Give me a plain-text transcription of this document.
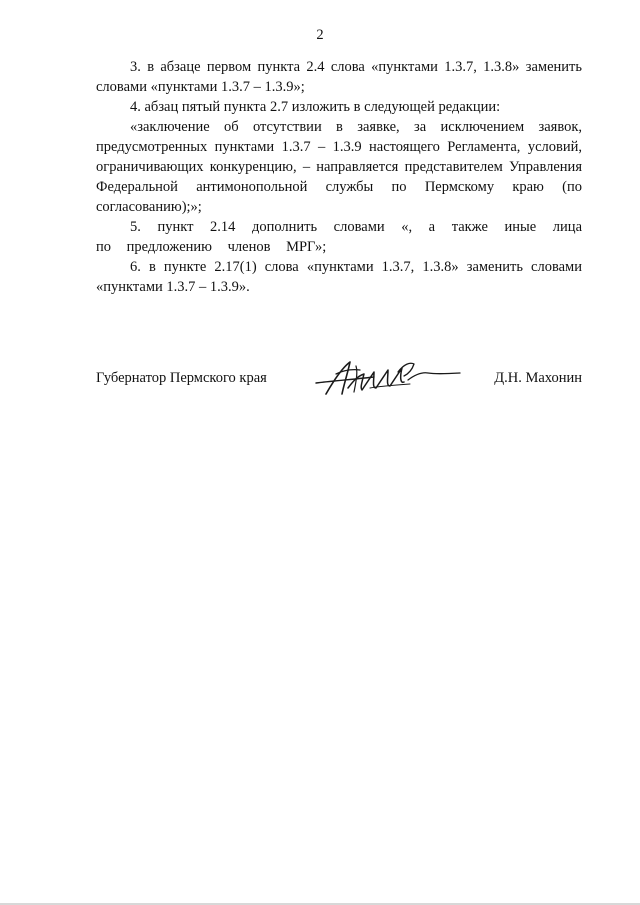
2

3. в абзаце первом пункта 2.4 слова «пунктами 1.3.7, 1.3.8» заменить словами «пунктами 1.3.7 – 1.3.9»;

4. абзац пятый пункта 2.7 изложить в следующей редакции:

«заключение об отсутствии в заявке, за исключением заявок, предусмотренных пунктами 1.3.7 – 1.3.9 настоящего Регламента, условий, ограничивающих конкуренцию, – направляется представителем Управления Федеральной антимонопольной службы по Пермскому краю (по согласованию);»;

5. пункт 2.14 дополнить словами «, а также иные лица по предложению членов МРГ»;

6. в пункте 2.17(1) слова «пунктами 1.3.7, 1.3.8» заменить словами «пунктами 1.3.7 – 1.3.9».

Губернатор Пермского края	Д.Н. Махонин
